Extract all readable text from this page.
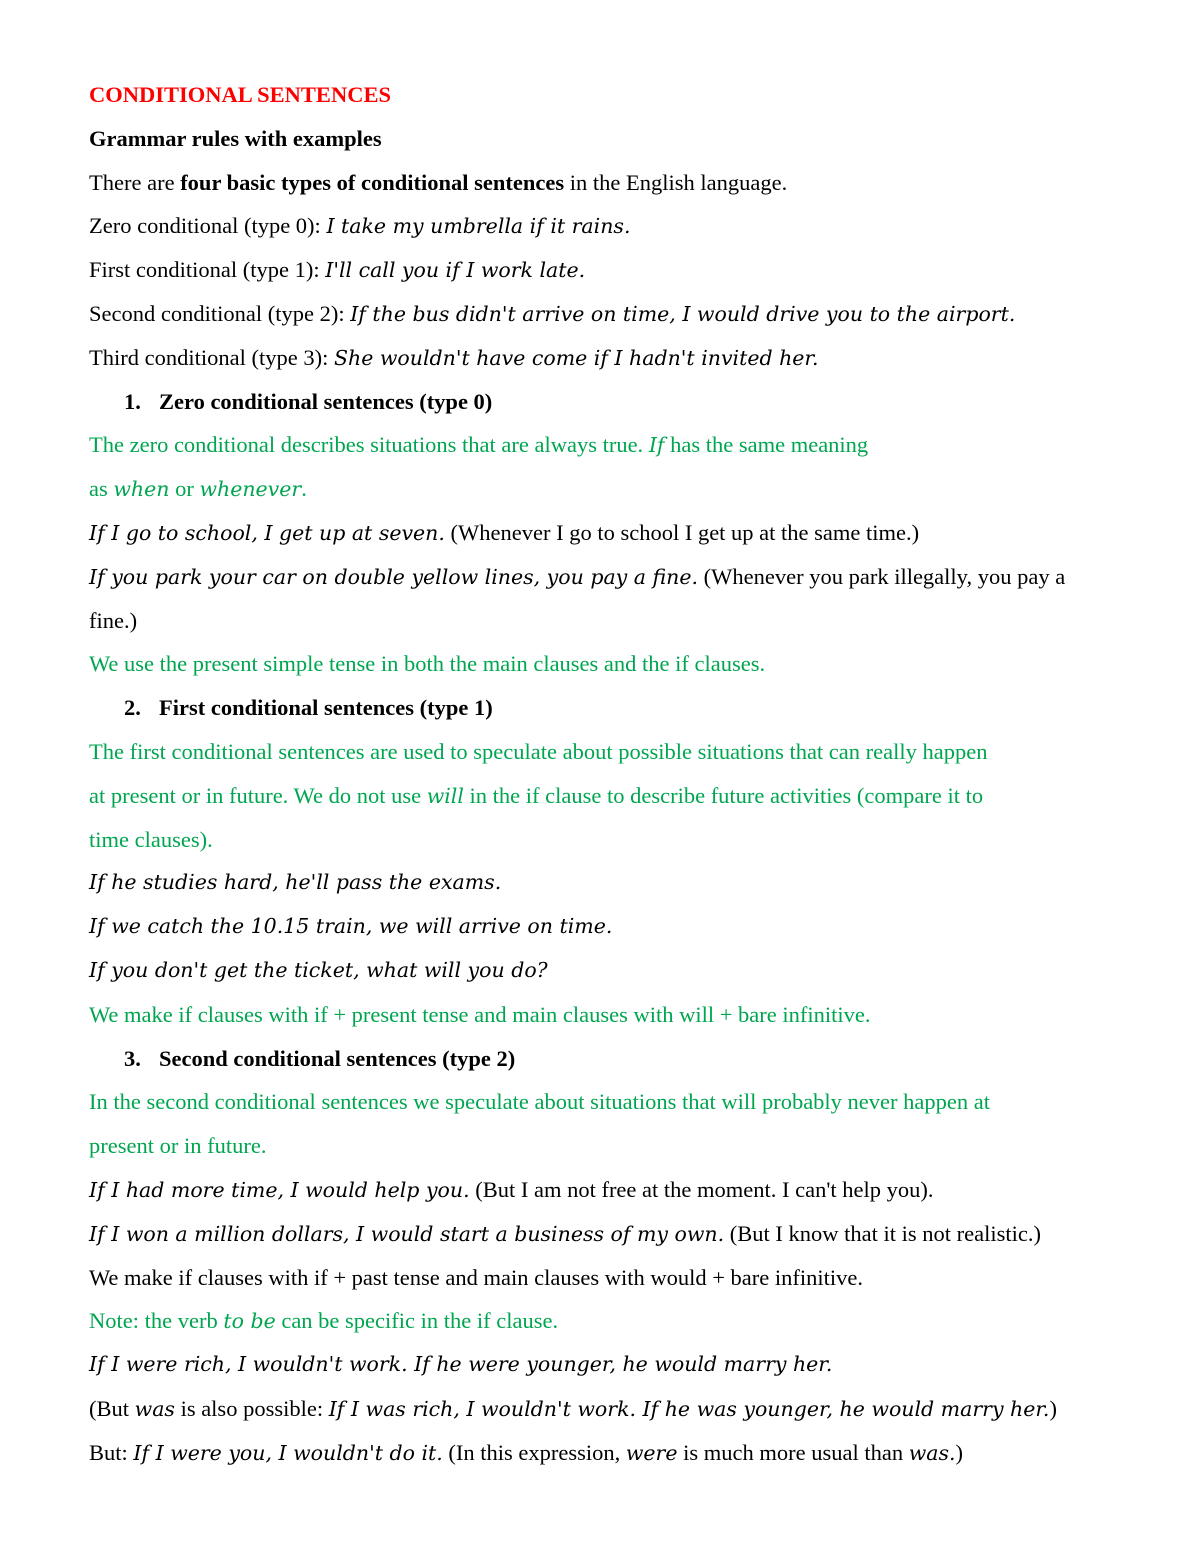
CONDITIONAL SENTENCES
Grammar rules with examples
There are four basic types of conditional sentences in the English language.
Zero conditional (type 0): I take my umbrella if it rains.
First conditional (type 1): I'll call you if I work late.
Second conditional (type 2): If the bus didn't arrive on time, I would drive you to the airport.
Third conditional (type 3): She wouldn't have come if I hadn't invited her.
1. Zero conditional sentences (type 0)
The zero conditional describes situations that are always true. If has the same meaning
as when or whenever.
If I go to school, I get up at seven. (Whenever I go to school I get up at the same time.)
If you park your car on double yellow lines, you pay a fine. (Whenever you park illegally, you pay a
fine.)
We use the present simple tense in both the main clauses and the if clauses.
2. First conditional sentences (type 1)
The first conditional sentences are used to speculate about possible situations that can really happen
at present or in future. We do not use will in the if clause to describe future activities (compare it to
time clauses).
If he studies hard, he'll pass the exams.
If we catch the 10.15 train, we will arrive on time.
If you don't get the ticket, what will you do?
We make if clauses with if + present tense and main clauses with will + bare infinitive.
3. Second conditional sentences (type 2)
In the second conditional sentences we speculate about situations that will probably never happen at
present or in future.
If I had more time, I would help you. (But I am not free at the moment. I can't help you).
If I won a million dollars, I would start a business of my own. (But I know that it is not realistic.)
We make if clauses with if + past tense and main clauses with would + bare infinitive.
Note: the verb to be can be specific in the if clause.
If I were rich, I wouldn't work. If he were younger, he would marry her.
(But was is also possible: If I was rich, I wouldn't work. If he was younger, he would marry her.)
But: If I were you, I wouldn't do it. (In this expression, were is much more usual than was.)
